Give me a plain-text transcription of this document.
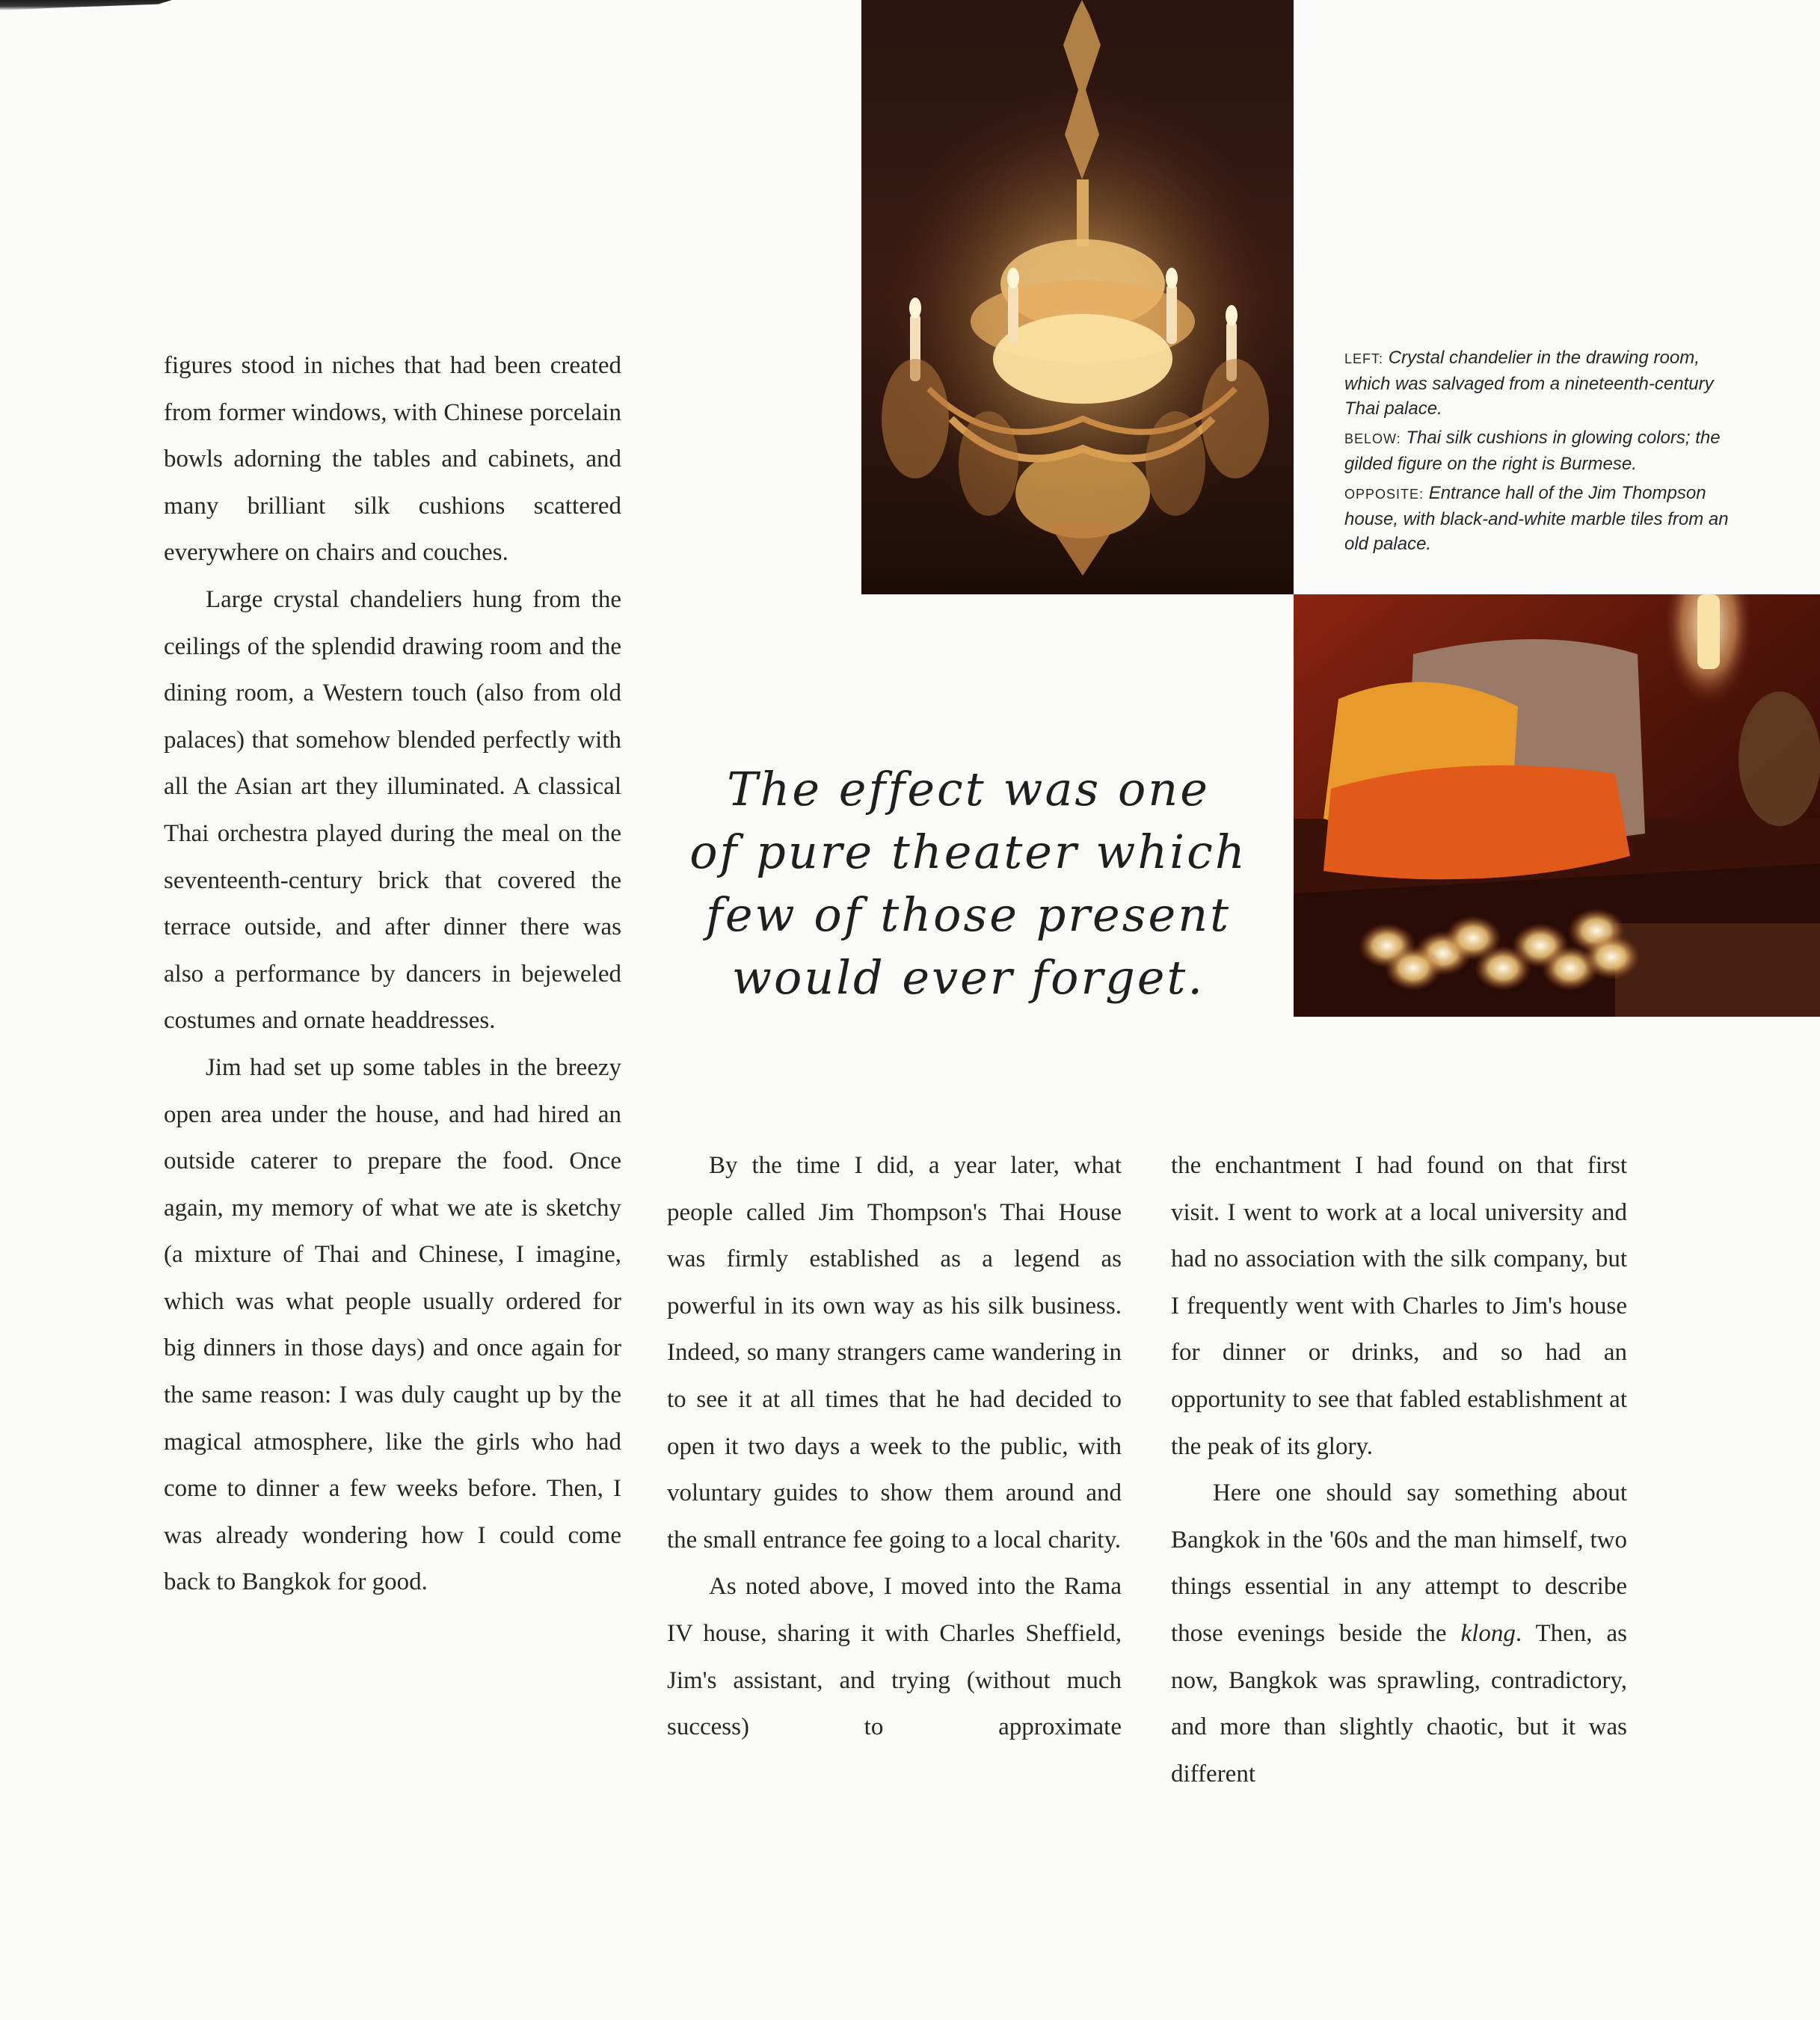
LEFT: Crystal chandelier in the drawing room, which was salvaged from a nineteenth-century Thai palace.

BELOW: Thai silk cushions in glowing colors; the gilded figure on the right is Burmese.

OPPOSITE: Entrance hall of the Jim Thompson house, with black-and-white marble tiles from an old palace.

The effect was one
of pure theater which
few of those present
would ever forget.

figures stood in niches that had been created from former windows, with Chinese porcelain bowls adorning the tables and cabinets, and many brilliant silk cushions scattered everywhere on chairs and couches.

Large crystal chandeliers hung from the ceilings of the splendid drawing room and the dining room, a Western touch (also from old palaces) that somehow blended perfectly with all the Asian art they illuminated. A classical Thai orchestra played during the meal on the seventeenth-century brick that covered the terrace outside, and after dinner there was also a performance by dancers in bejeweled costumes and ornate headdresses.

Jim had set up some tables in the breezy open area under the house, and had hired an outside caterer to prepare the food. Once again, my memory of what we ate is sketchy (a mixture of Thai and Chinese, I imagine, which was what people usually ordered for big dinners in those days) and once again for the same reason: I was duly caught up by the magical atmosphere, like the girls who had come to dinner a few weeks before. Then, I was already wondering how I could come back to Bangkok for good.

By the time I did, a year later, what people called Jim Thompson's Thai House was firmly established as a legend as powerful in its own way as his silk business. Indeed, so many strangers came wandering in to see it at all times that he had decided to open it two days a week to the public, with voluntary guides to show them around and the small entrance fee going to a local charity.

As noted above, I moved into the Rama IV house, sharing it with Charles Sheffield, Jim's assistant, and trying (without much success) to approximate

the enchantment I had found on that first visit. I went to work at a local university and had no association with the silk company, but I frequently went with Charles to Jim's house for dinner or drinks, and so had an opportunity to see that fabled establishment at the peak of its glory.

Here one should say something about Bangkok in the '60s and the man himself, two things essential in any attempt to describe those evenings beside the klong. Then, as now, Bangkok was sprawling, contradictory, and more than slightly chaotic, but it was different
